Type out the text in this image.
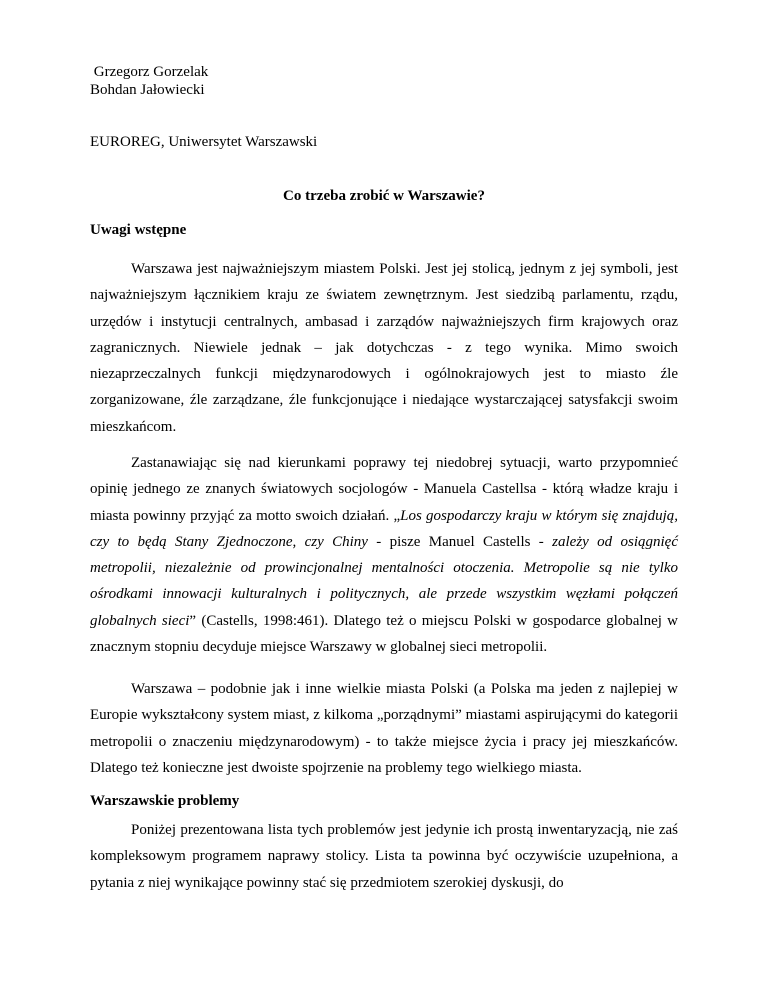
Grzegorz Gorzelak
Bohdan Jałowiecki
EUROREG, Uniwersytet Warszawski
Co trzeba zrobić w Warszawie?
Uwagi wstępne

Warszawa jest najważniejszym miastem Polski. Jest jej stolicą, jednym z jej symboli, jest najważniejszym łącznikiem kraju ze światem zewnętrznym. Jest siedzibą parlamentu, rządu, urzędów i instytucji centralnych, ambasad i zarządów najważniejszych firm krajowych oraz zagranicznych. Niewiele jednak – jak dotychczas - z tego wynika. Mimo swoich niezaprzeczalnych funkcji międzynarodowych i ogólnokrajowych jest to miasto źle zorganizowane, źle zarządzane, źle funkcjonujące i niedające wystarczającej satysfakcji swoim mieszkańcom.

Zastanawiając się nad kierunkami poprawy tej niedobrej sytuacji, warto przypomnieć opinię jednego ze znanych światowych socjologów - Manuela Castellsa - którą władze kraju i miasta powinny przyjąć za motto swoich działań. „Los gospodarczy kraju w którym się znajdują, czy to będą Stany Zjednoczone, czy Chiny - pisze Manuel Castells - zależy od osiągnięć metropolii, niezależnie od prowincjonalnej mentalności otoczenia. Metropolie są nie tylko ośrodkami innowacji kulturalnych i politycznych, ale przede wszystkim węzłami połączeń globalnych sieci” (Castells, 1998:461). Dlatego też o miejscu Polski w gospodarce globalnej w znacznym stopniu decyduje miejsce Warszawy w globalnej sieci metropolii.

Warszawa – podobnie jak i inne wielkie miasta Polski (a Polska ma jeden z najlepiej w Europie wykształcony system miast, z kilkoma „porządnymi” miastami aspirującymi do kategorii metropolii o znaczeniu międzynarodowym) - to także miejsce życia i pracy jej mieszkańców. Dlatego też konieczne jest dwoiste spojrzenie na problemy tego wielkiego miasta.

Warszawskie problemy

Poniżej prezentowana lista tych problemów jest jedynie ich prostą inwentaryzacją, nie zaś kompleksowym programem naprawy stolicy. Lista ta powinna być oczywiście uzupełniona, a pytania z niej wynikające powinny stać się przedmiotem szerokiej dyskusji, do
